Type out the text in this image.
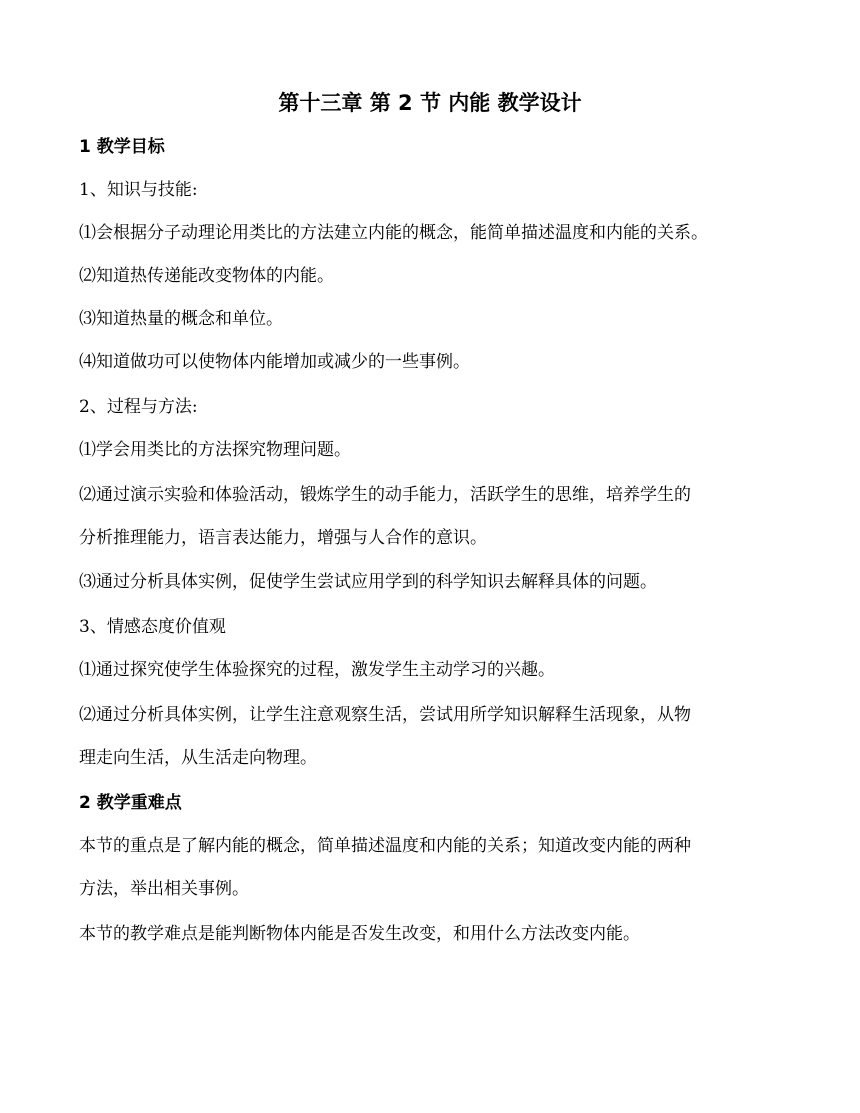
第十三章 第 2 节 内能 教学设计
1 教学目标
1、知识与技能:
⑴会根据分子动理论用类比的方法建立内能的概念，能简单描述温度和内能的关系。
⑵知道热传递能改变物体的内能。
⑶知道热量的概念和单位。
⑷知道做功可以使物体内能增加或减少的一些事例。
2、过程与方法:
⑴学会用类比的方法探究物理问题。
⑵通过演示实验和体验活动，锻炼学生的动手能力，活跃学生的思维，培养学生的
分析推理能力，语言表达能力，增强与人合作的意识。
⑶通过分析具体实例，促使学生尝试应用学到的科学知识去解释具体的问题。
3、情感态度价值观
⑴通过探究使学生体验探究的过程，激发学生主动学习的兴趣。
⑵通过分析具体实例，让学生注意观察生活，尝试用所学知识解释生活现象，从物
理走向生活，从生活走向物理。
2 教学重难点
本节的重点是了解内能的概念，简单描述温度和内能的关系；知道改变内能的两种
方法，举出相关事例。
本节的教学难点是能判断物体内能是否发生改变，和用什么方法改变内能。
